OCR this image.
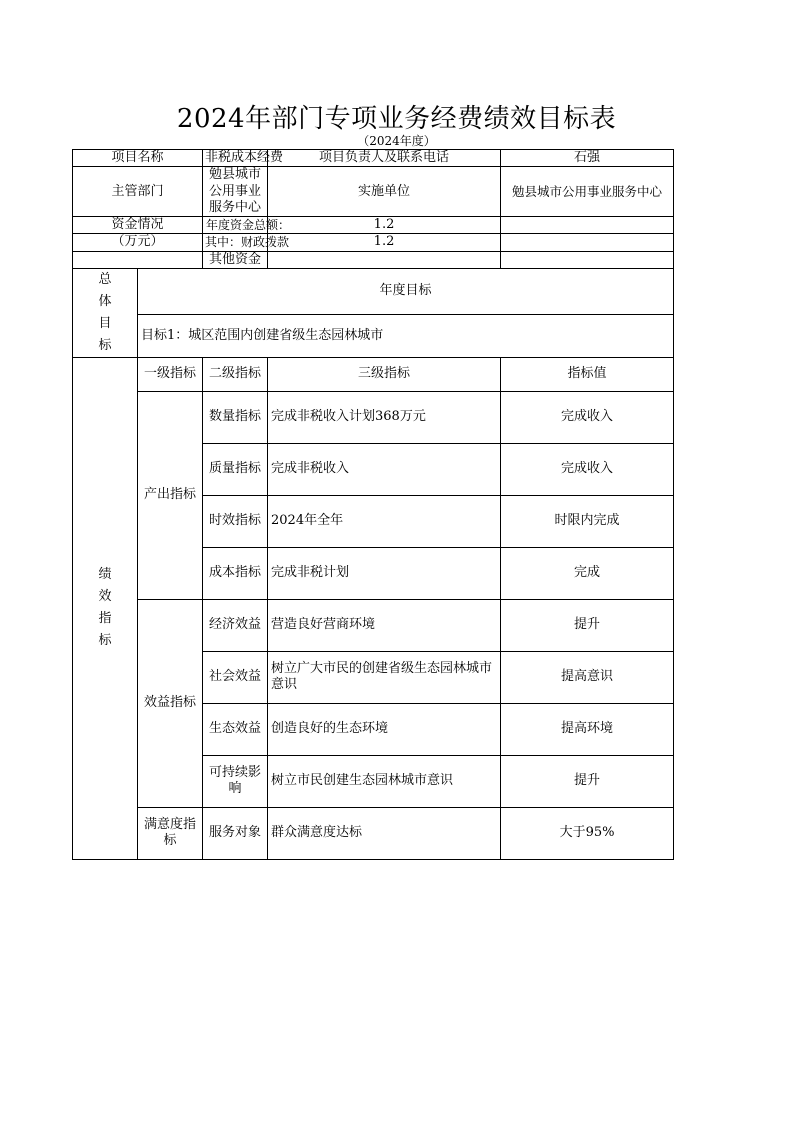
2024年部门专项业务经费绩效目标表
（2024年度）
项目名称		非税成本经费	项目负责人及联系电话	石强
主管部门		勉县城市公用事业服务中心	实施单位	勉县城市公用事业服务中心
资金情况		年度资金总额：	1.2	
（万元）		其中：财政拨款	1.2	
		其他资金		
总体目标	年度目标			
	目标1：城区范围内创建省级生态园林城市			
绩效指标	一级指标	二级指标	三级指标	指标值
	产出指标	数量指标	完成非税收入计划368万元	完成收入
		质量指标	完成非税收入	完成收入
		时效指标	2024年全年	时限内完成
		成本指标	完成非税计划	完成
	效益指标	经济效益	营造良好营商环境	提升
		社会效益	树立广大市民的创建省级生态园林城市意识	提高意识
		生态效益	创造良好的生态环境	提高环境
		可持续影响	树立市民创建生态园林城市意识	提升
	满意度指标	服务对象	群众满意度达标	大于95%
